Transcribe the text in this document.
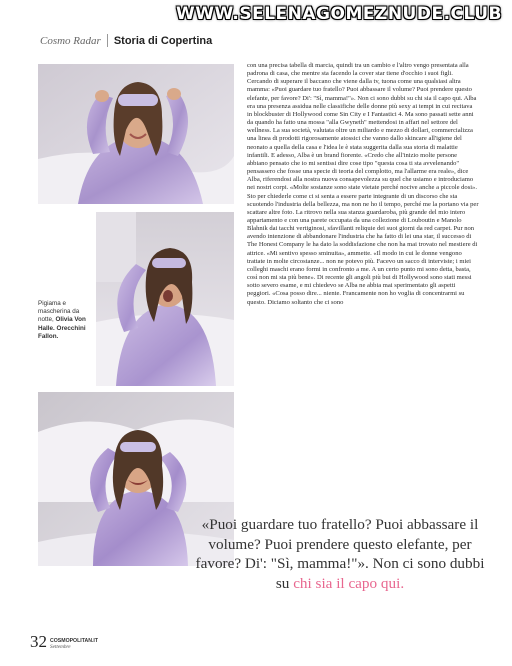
WWW.SELENAGOMEZNUDE.CLUB
Cosmo Radar Storia di Copertina
Pigiama e mascherina da notte, Olivia Von Halle. Orecchini Fallon.
con una precisa tabella di marcia, quindi tra un cambio e l'altro vengo presentata alla padrona di casa, che mentre sta facendo la cover star tiene d'occhio i suoi figli. Cercando di superare il baccano che viene dalla tv, tuona come una qualsiasi altra mamma: «Puoi guardare tuo fratello? Puoi abbassare il volume? Puoi prendere questo elefante, per favore? Di': "Sì, mamma!"». Non ci sono dubbi su chi sia il capo qui. Alba era una presenza assidua nelle classifiche delle donne più sexy ai tempi in cui recitava in blockbuster di Hollywood come Sin City e I Fantastici 4. Ma sono passati sette anni da quando ha fatto una mossa "alla Gwyneth" mettendosi in affari nel settore del wellness. La sua società, valutata oltre un miliardo e mezzo di dollari, commercializza una linea di prodotti rigorosamente atossici che vanno dallo skincare all'igiene del neonato a quella della casa e l'idea le è stata suggerita dalla sua storia di malattie infantili. E adesso, Alba è un brand fiorente. «Credo che all'inizio molte persone abbiano pensato che io mi sentissi dire cose tipo "questa cosa ti sta avvelenando" pensassero che fosse una specie di teoria del complotto, ma l'allarme era reale», dice Alba, riferendosi alla nostra nuova consapevolezza su quel che usiamo e introduciamo nei nostri corpi. «Molte sostanze sono state vietate perché nocive anche a piccole dosi». Sto per chiederle come ci si senta a essere parte integrante di un discorso che sta scuotendo l'industria della bellezza, ma non ne ho il tempo, perché me la portano via per scattare altre foto. La ritrovo nella sua stanza guardaroba, più grande del mio intero appartamento e con una parete occupata da una collezione di Louboutin e Manolo Blahnik dai tacchi vertiginosi, sfavillanti reliquie dei suoi giorni da red carpet. Pur non avendo intenzione di abbandonare l'industria che ha fatto di lei una star, il successo di The Honest Company le ha dato la soddisfazione che non ha mai trovato nel mestiere di attrice. «Mi sentivo spesso sminuita», ammette. «Il modo in cui le donne vengono trattate in molte circostanze... non ne potevo più. Facevo un sacco di interviste; i miei colleghi maschi erano formi in confronto a me. A un certo punto mi sono detta, basta, così non mi sta più bene». Di recente gli angoli più bui di Hollywood sono stati messi sotto severo esame, e mi chiedevo se Alba ne abbia mai sperimentato gli aspetti peggiori. «Cosa posso dire... niente. Francamente non ho voglia di concentrarmi su questo. Diciamo soltanto che ci sono
«Puoi guardare tuo fratello? Puoi abbassare il volume? Puoi prendere questo elefante, per favore? Di': "Sì, mamma!"». Non ci sono dubbi su chi sia il capo qui.
32 COSMOPOLITAN.IT
Settembre
